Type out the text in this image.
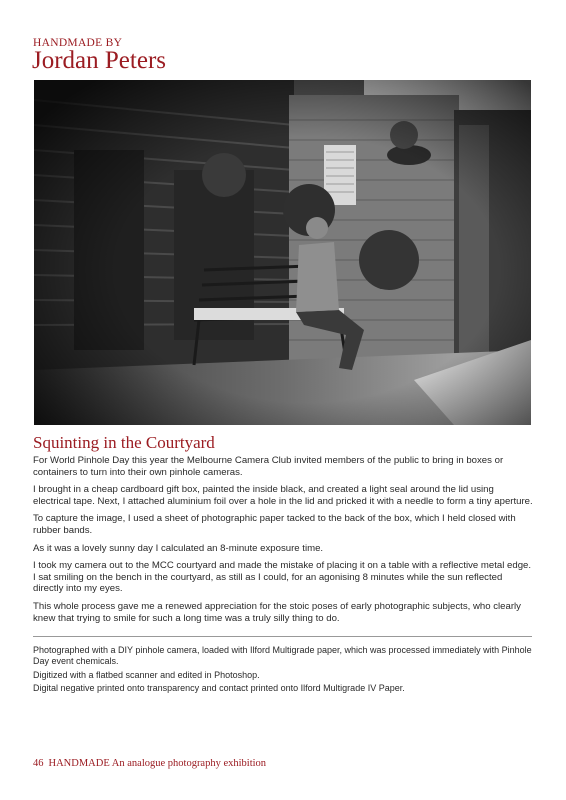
HANDMADE BY
Jordan Peters
Squinting in the Courtyard

For World Pinhole Day this year the Melbourne Camera Club invited members of the public to bring in boxes or containers to turn into their own pinhole cameras.

I brought in a cheap cardboard gift box, painted the inside black, and created a light seal around the lid using electrical tape. Next, I attached aluminium foil over a hole in the lid and pricked it with a needle to form a tiny aperture.

To capture the image, I used a sheet of photographic paper tacked to the back of the box, which I held closed with rubber bands.

As it was a lovely sunny day I calculated an 8-minute exposure time.

I took my camera out to the MCC courtyard and made the mistake of placing it on a table with a reflective metal edge. I sat smiling on the bench in the courtyard, as still as I could, for an agonising 8 minutes while the sun reflected directly into my eyes.

This whole process gave me a renewed appreciation for the stoic poses of early photographic subjects, who clearly knew that trying to smile for such a long time was a truly silly thing to do.

Photographed with a DIY pinhole camera, loaded with Ilford Multigrade paper, which was processed immediately with Pinhole Day event chemicals.

Digitized with a flatbed scanner and edited in Photoshop.

Digital negative printed onto transparency and contact printed onto Ilford Multigrade IV Paper.

46 HANDMADE An analogue photography exhibition
